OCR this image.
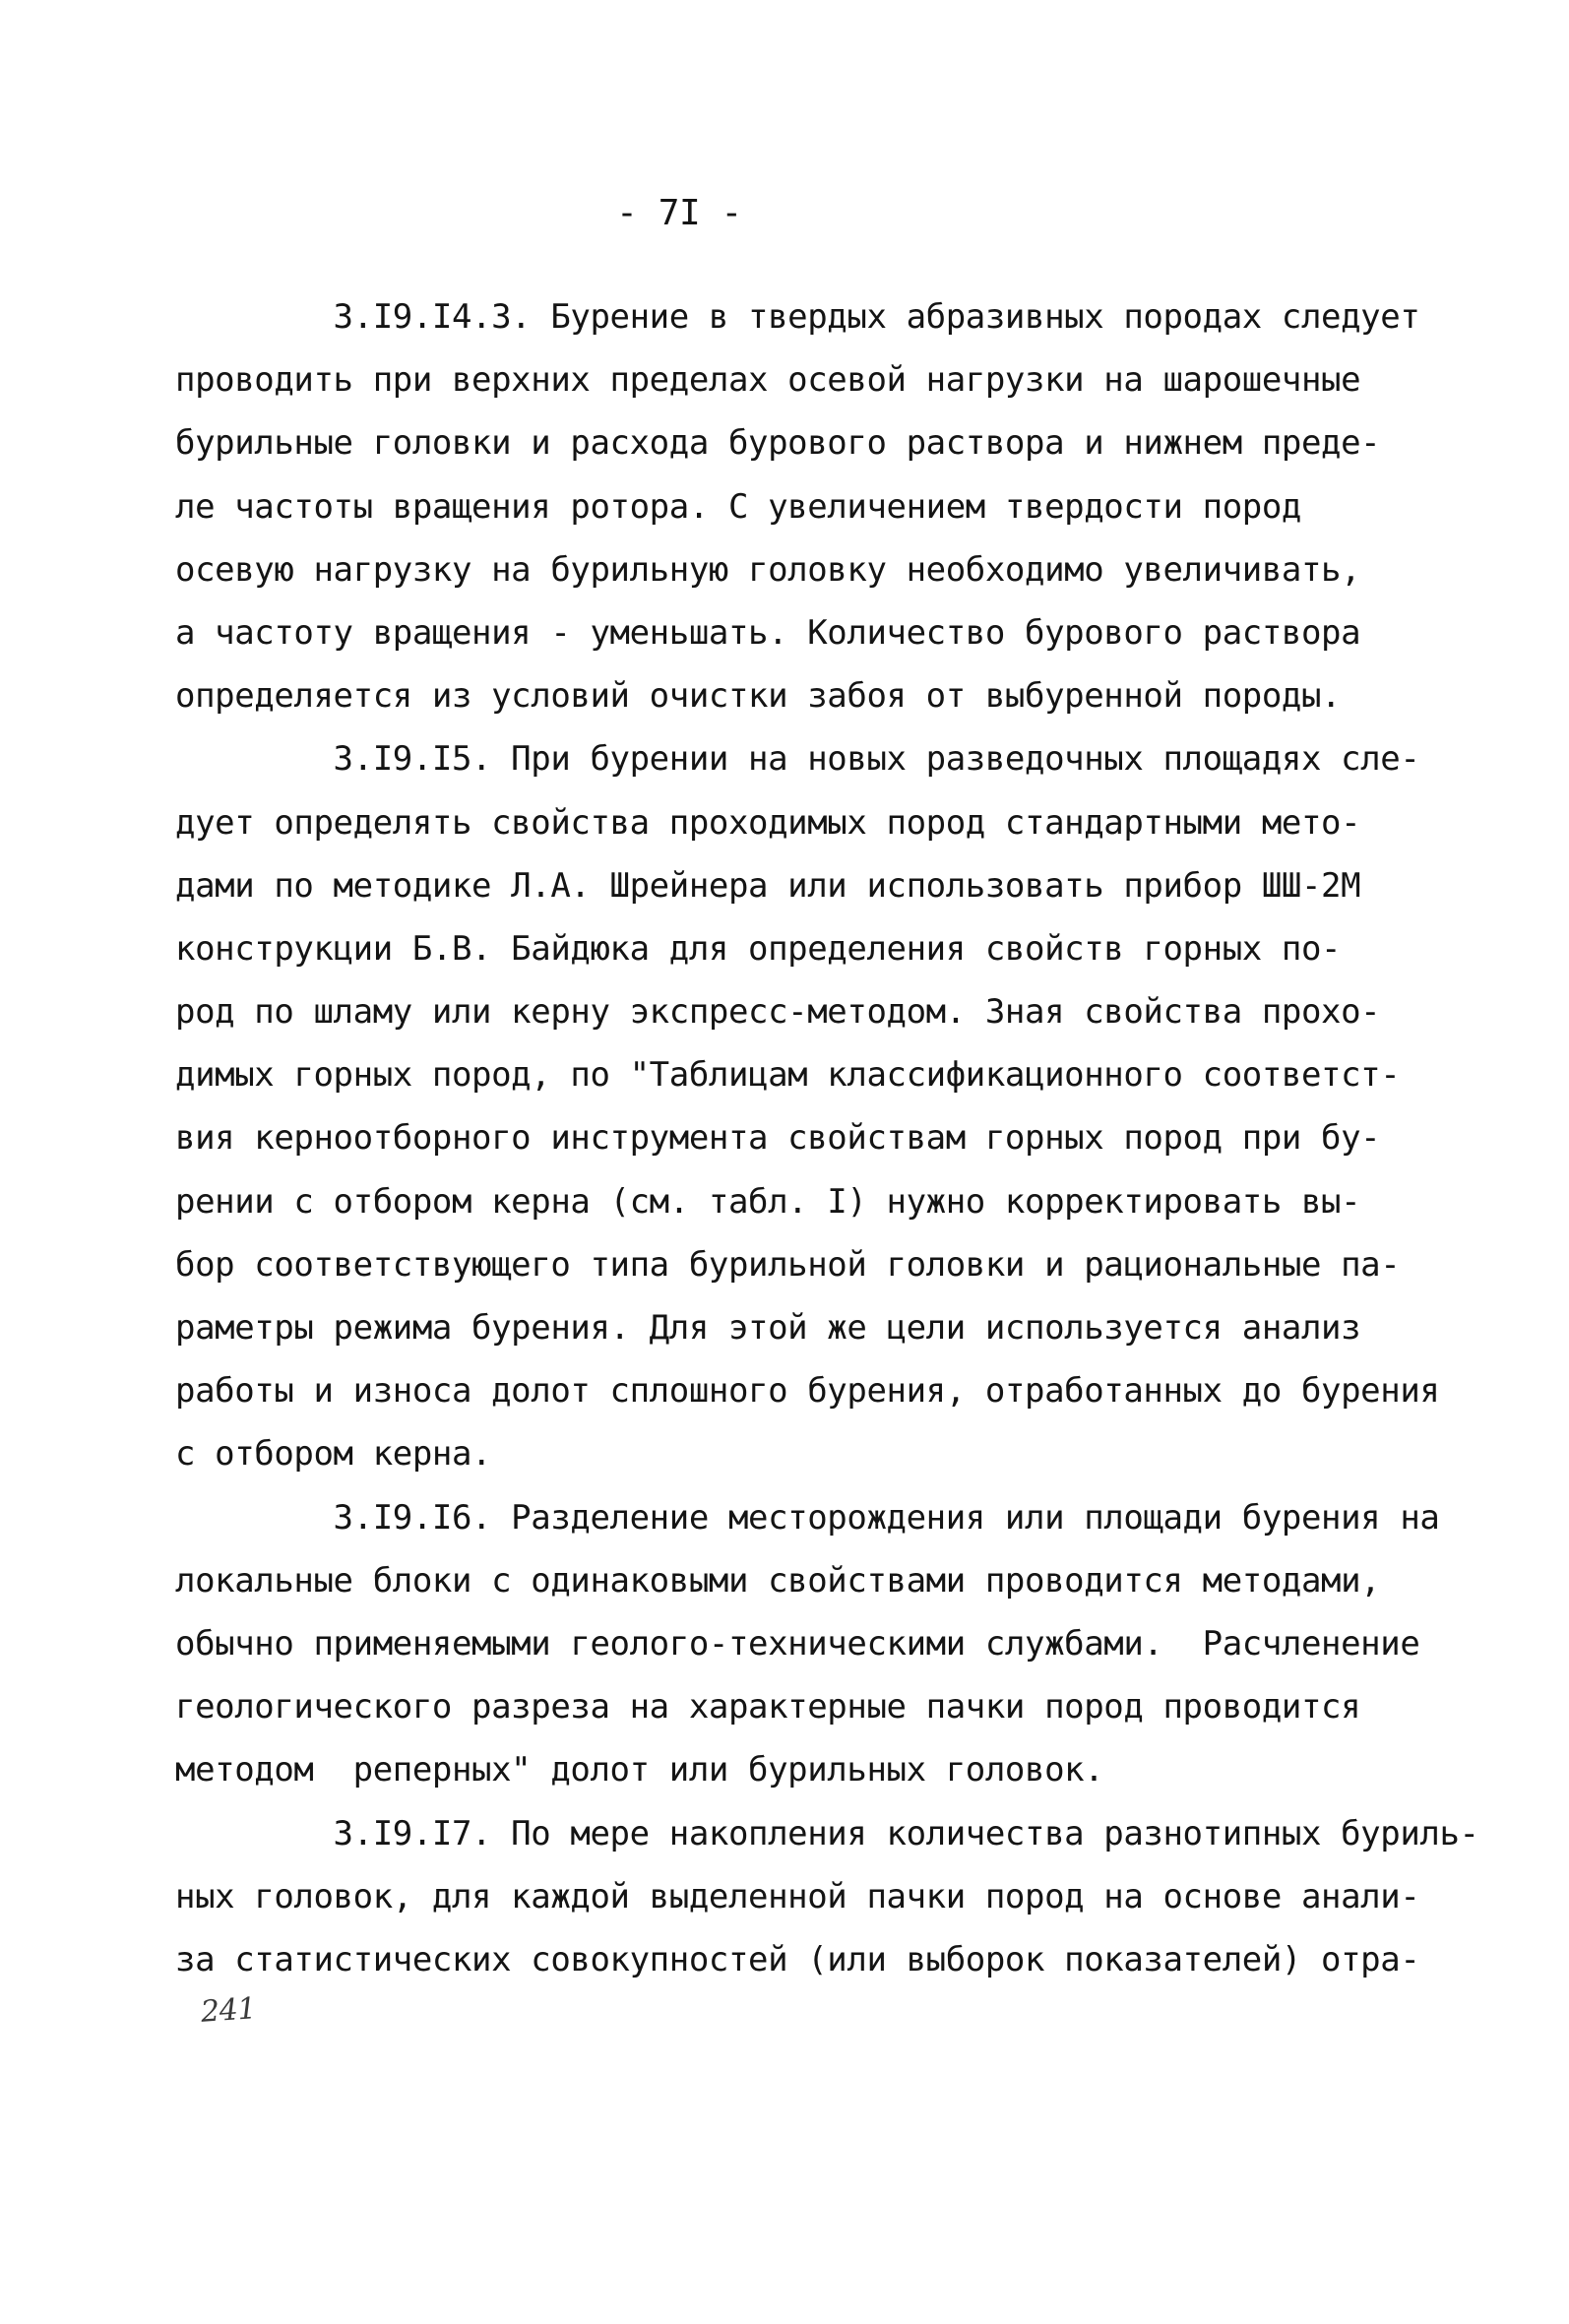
- 7I -
3.I9.I4.3. Бурение в твердых абразивных породах следует
проводить при верхних пределах осевой нагрузки на шарошечные
бурильные головки и расхода бурового раствора и нижнем преде-
ле частоты вращения ротора. С увеличением твердости пород
осевую нагрузку на бурильную головку необходимо увеличивать,
а частоту вращения - уменьшать. Количество бурового раствора
определяется из условий очистки забоя от выбуренной породы.
3.I9.I5. При бурении на новых разведочных площадях сле-
дует определять свойства проходимых пород стандартными мето-
дами по методике Л.А. Шрейнера или использовать прибор ШШ-2М
конструкции Б.В. Байдюка для определения свойств горных по-
род по шламу или керну экспресс-методом. Зная свойства прохо-
димых горных пород, по "Таблицам классификационного соответст-
вия керноотборного инструмента свойствам горных пород при бу-
рении с отбором керна (см. табл. I) нужно корректировать вы-
бор соответствующего типа бурильной головки и рациональные па-
раметры режима бурения. Для этой же цели используется анализ
работы и износа долот сплошного бурения, отработанных до бурения
с отбором керна.
3.I9.I6. Разделение месторождения или площади бурения на
локальные блоки с одинаковыми свойствами проводится методами,
обычно применяемыми геолого-техническими службами.  Расчленение
геологического разреза на характерные пачки пород проводится
методом  реперных" долот или бурильных головок.
3.I9.I7. По мере накопления количества разнотипных буриль-
ных головок, для каждой выделенной пачки пород на основе анали-
за статистических совокупностей (или выборок показателей) отра-
241
